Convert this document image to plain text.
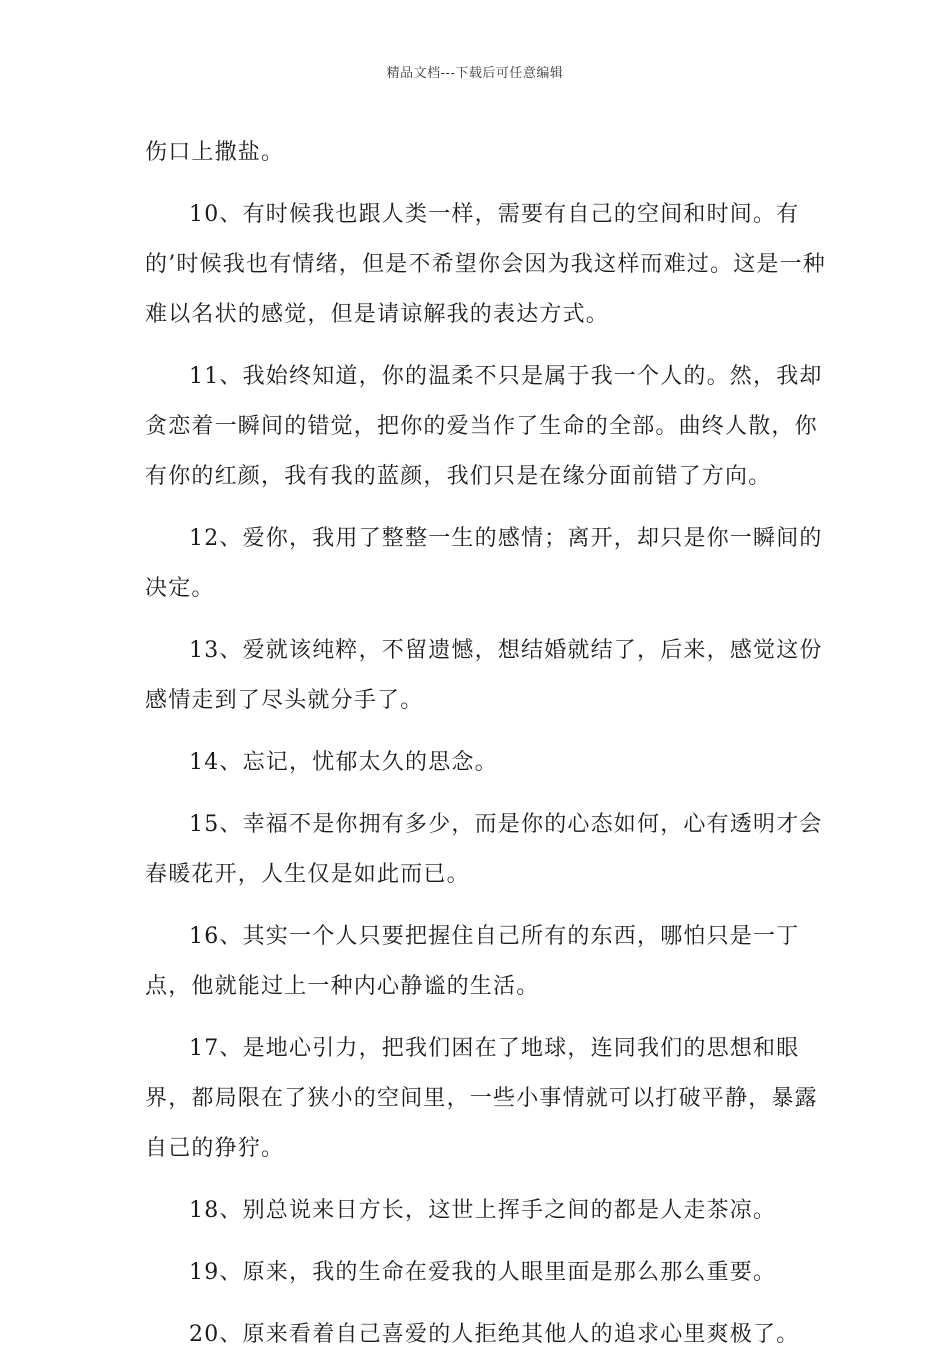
精品文档---下载后可任意编辑

伤口上撒盐。

10、有时候我也跟人类一样，需要有自己的空间和时间。有的’时候我也有情绪，但是不希望你会因为我这样而难过。这是一种难以名状的感觉，但是请谅解我的表达方式。

11、我始终知道，你的温柔不只是属于我一个人的。然，我却贪恋着一瞬间的错觉，把你的爱当作了生命的全部。曲终人散，你有你的红颜，我有我的蓝颜，我们只是在缘分面前错了方向。

12、爱你，我用了整整一生的感情；离开，却只是你一瞬间的决定。

13、爱就该纯粹，不留遗憾，想结婚就结了，后来，感觉这份感情走到了尽头就分手了。

14、忘记，忧郁太久的思念。

15、幸福不是你拥有多少，而是你的心态如何，心有透明才会春暖花开，人生仅是如此而已。

16、其实一个人只要把握住自己所有的东西，哪怕只是一丁点，他就能过上一种内心静谧的生活。

17、是地心引力，把我们困在了地球，连同我们的思想和眼界，都局限在了狭小的空间里，一些小事情就可以打破平静，暴露自己的狰狞。

18、别总说来日方长，这世上挥手之间的都是人走茶凉。

19、原来，我的生命在爱我的人眼里面是那么那么重要。

20、原来看着自己喜爱的人拒绝其他人的追求心里爽极了。
